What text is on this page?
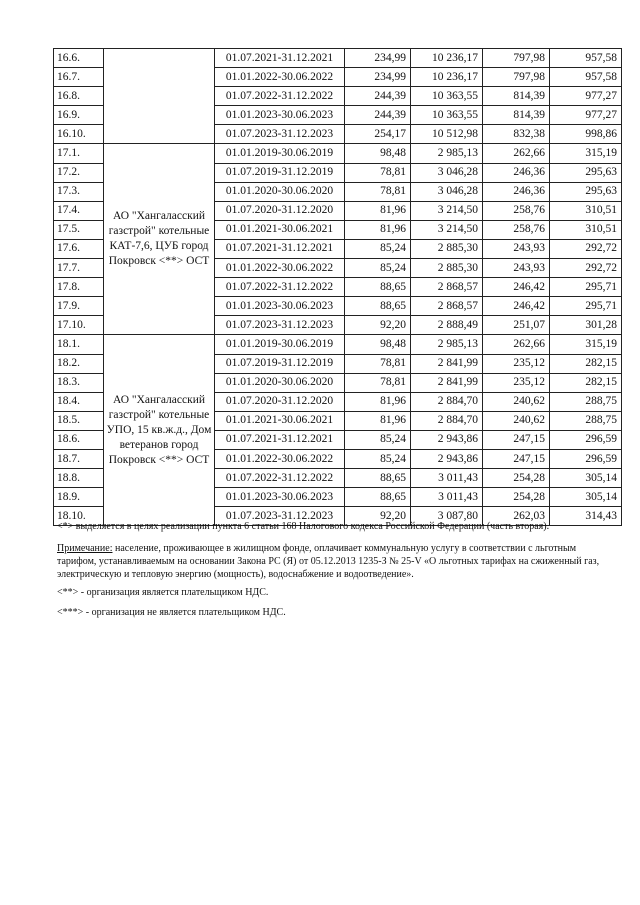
16.6.		01.07.2021-31.12.2021	234,99	10 236,17	797,98	957,58
16.7.		01.01.2022-30.06.2022	234,99	10 236,17	797,98	957,58
16.8.		01.07.2022-31.12.2022	244,39	10 363,55	814,39	977,27
16.9.		01.01.2023-30.06.2023	244,39	10 363,55	814,39	977,27
16.10.		01.07.2023-31.12.2023	254,17	10 512,98	832,38	998,86
17.1.	АО "Хангаласский газстрой" котельные КАТ-7,6, ЦУБ город Покровск <**> ОСТ	01.01.2019-30.06.2019	98,48	2 985,13	262,66	315,19
17.2.		01.07.2019-31.12.2019	78,81	3 046,28	246,36	295,63
17.3.		01.01.2020-30.06.2020	78,81	3 046,28	246,36	295,63
17.4.		01.07.2020-31.12.2020	81,96	3 214,50	258,76	310,51
17.5.		01.01.2021-30.06.2021	81,96	3 214,50	258,76	310,51
17.6.		01.07.2021-31.12.2021	85,24	2 885,30	243,93	292,72
17.7.		01.01.2022-30.06.2022	85,24	2 885,30	243,93	292,72
17.8.		01.07.2022-31.12.2022	88,65	2 868,57	246,42	295,71
17.9.		01.01.2023-30.06.2023	88,65	2 868,57	246,42	295,71
17.10.		01.07.2023-31.12.2023	92,20	2 888,49	251,07	301,28
18.1.	АО "Хангаласский газстрой" котельные УПО, 15 кв.ж.д., Дом ветеранов город Покровск <**> ОСТ	01.01.2019-30.06.2019	98,48	2 985,13	262,66	315,19
18.2.		01.07.2019-31.12.2019	78,81	2 841,99	235,12	282,15
18.3.		01.01.2020-30.06.2020	78,81	2 841,99	235,12	282,15
18.4.		01.07.2020-31.12.2020	81,96	2 884,70	240,62	288,75
18.5.		01.01.2021-30.06.2021	81,96	2 884,70	240,62	288,75
18.6.		01.07.2021-31.12.2021	85,24	2 943,86	247,15	296,59
18.7.		01.01.2022-30.06.2022	85,24	2 943,86	247,15	296,59
18.8.		01.07.2022-31.12.2022	88,65	3 011,43	254,28	305,14
18.9.		01.01.2023-30.06.2023	88,65	3 011,43	254,28	305,14
18.10.		01.07.2023-31.12.2023	92,20	3 087,80	262,03	314,43
<*> выделяется в целях реализации пункта 6 статьи 168 Налогового кодекса Российской Федерации (часть вторая).
Примечание: население, проживающее в жилищном фонде, оплачивает коммунальную услугу в соответствии с льготным тарифом, устанавливаемым на основании Закона РС (Я) от 05.12.2013 1235-З № 25-V «О льготных тарифах на сжиженный газ, электрическую и тепловую энергию (мощность), водоснабжение и водоотведение».
<**> - организация является плательщиком НДС.
<***> - организация не является плательщиком НДС.
